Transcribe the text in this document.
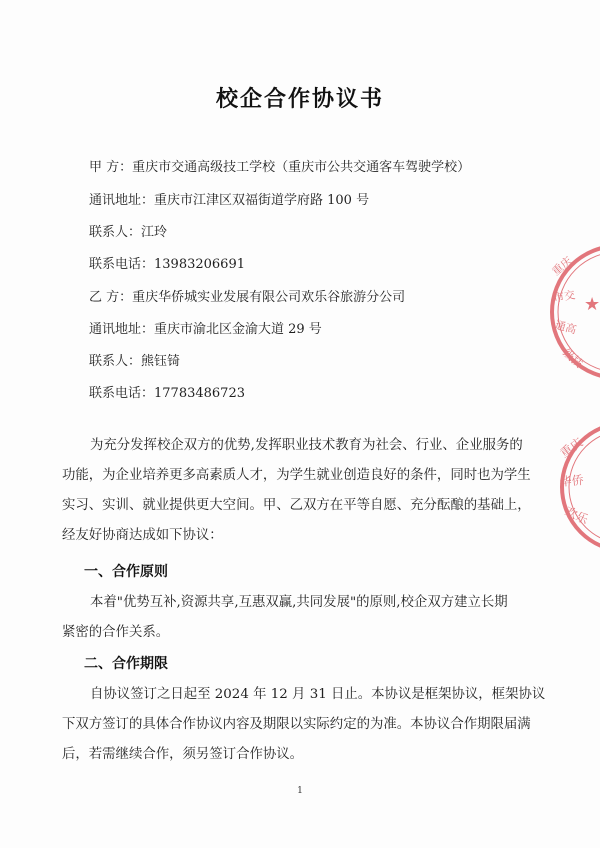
校企合作协议书
甲 方：重庆市交通高级技工学校（重庆市公共交通客车驾驶学校）
通讯地址：重庆市江津区双福街道学府路 100 号
联系人：江玲
联系电话：13983206691
乙 方：重庆华侨城实业发展有限公司欢乐谷旅游分公司
通讯地址：重庆市渝北区金渝大道 29 号
联系人：熊钰锜
联系电话：17783486723
为充分发挥校企双方的优势,发挥职业技术教育为社会、行业、企业服务的
功能，为企业培养更多高素质人才，为学生就业创造良好的条件，同时也为学生
实习、实训、就业提供更大空间。甲、乙双方在平等自愿、充分酝酿的基础上，
经友好协商达成如下协议：
一、合作原则
本着"优势互补,资源共享,互惠双赢,共同发展"的原则,校企双方建立长期
紧密的合作关系。
二、合作期限
自协议签订之日起至 2024 年 12 月 31 日止。本协议是框架协议，框架协议
下双方签订的具体合作协议内容及期限以实际约定的为准。本协议合作期限届满
后，若需继续合作，须另签订合作协议。
1
重庆
市交
通高
级技
★
重庆
华侨
欢乐
